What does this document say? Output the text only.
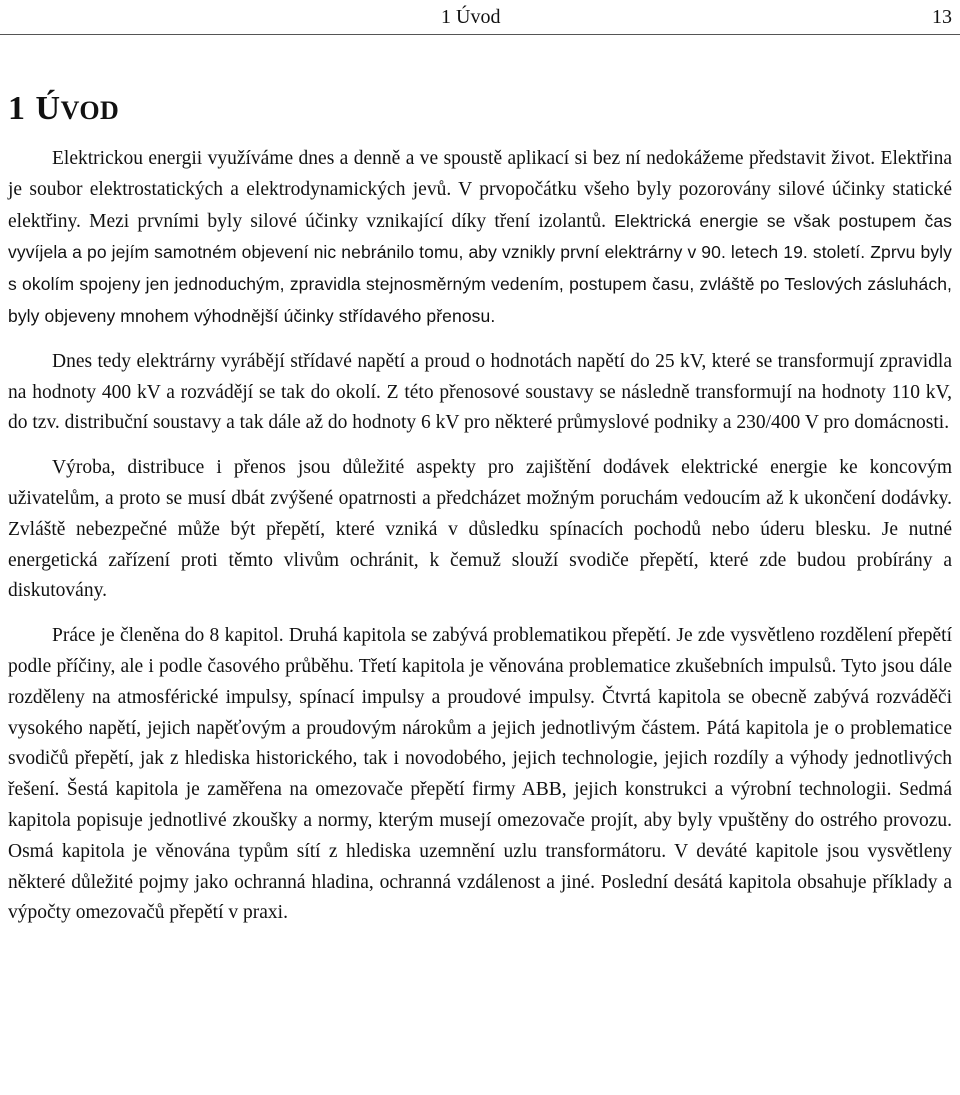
1 Úvod	13
1 ÚVOD

Elektrickou energii využíváme dnes a denně a ve spoustě aplikací si bez ní nedokážeme představit život. Elektřina je soubor elektrostatických a elektrodynamických jevů. V prvopočátku všeho byly pozorovány silové účinky statické elektřiny. Mezi prvními byly silové účinky vznikající díky tření izolantů. Elektrická energie se však postupem čas vyvíjela a po jejím samotném objevení nic nebránilo tomu, aby vznikly první elektrárny v 90. letech 19. století. Zprvu byly s okolím spojeny jen jednoduchým, zpravidla stejnosměrným vedením, postupem času, zvláště po Teslových zásluhách, byly objeveny mnohem výhodnější účinky střídavého přenosu.

Dnes tedy elektrárny vyrábějí střídavé napětí a proud o hodnotách napětí do 25 kV, které se transformují zpravidla na hodnoty 400 kV a rozvádějí se tak do okolí. Z této přenosové soustavy se následně transformují na hodnoty 110 kV, do tzv. distribuční soustavy a tak dále až do hodnoty 6 kV pro některé průmyslové podniky a 230/400 V pro domácnosti.

Výroba, distribuce i přenos jsou důležité aspekty pro zajištění dodávek elektrické energie ke koncovým uživatelům, a proto se musí dbát zvýšené opatrnosti a předcházet možným poruchám vedoucím až k ukončení dodávky. Zvláště nebezpečné může být přepětí, které vzniká v důsledku spínacích pochodů nebo úderu blesku. Je nutné energetická zařízení proti těmto vlivům ochránit, k čemuž slouží svodiče přepětí, které zde budou probírány a diskutovány.

Práce je členěna do 8 kapitol. Druhá kapitola se zabývá problematikou přepětí. Je zde vysvětleno rozdělení přepětí podle příčiny, ale i podle časového průběhu. Třetí kapitola je věnována problematice zkušebních impulsů. Tyto jsou dále rozděleny na atmosférické impulsy, spínací impulsy a proudové impulsy. Čtvrtá kapitola se obecně zabývá rozváděči vysokého napětí, jejich napěťovým a proudovým nárokům a jejich jednotlivým částem. Pátá kapitola je o problematice svodičů přepětí, jak z hlediska historického, tak i novodobého, jejich technologie, jejich rozdíly a výhody jednotlivých řešení. Šestá kapitola je zaměřena na omezovače přepětí firmy ABB, jejich konstrukci a výrobní technologii. Sedmá kapitola popisuje jednotlivé zkoušky a normy, kterým musejí omezovače projít, aby byly vpuštěny do ostrého provozu. Osmá kapitola je věnována typům sítí z hlediska uzemnění uzlu transformátoru. V deváté kapitole jsou vysvětleny některé důležité pojmy jako ochranná hladina, ochranná vzdálenost a jiné. Poslední desátá kapitola obsahuje příklady a výpočty omezovačů přepětí v praxi.
